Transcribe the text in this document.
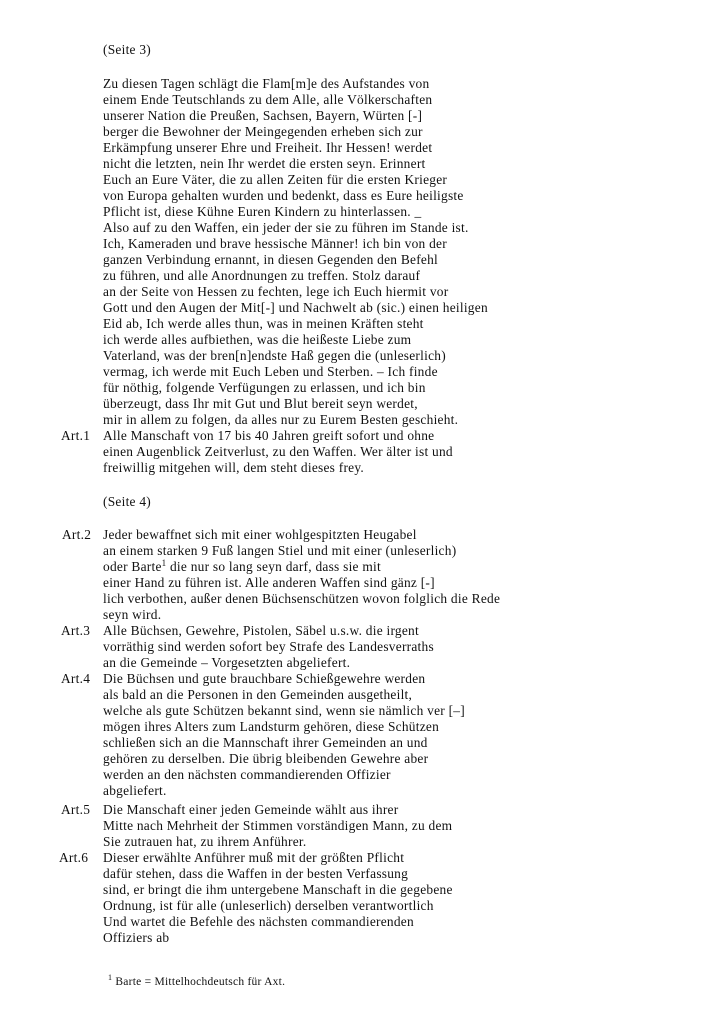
(Seite 3)
Zu diesen Tagen schlägt die Flam[m]e des Aufstandes von
einem Ende Teutschlands zu dem Alle, alle Völkerschaften
unserer Nation die Preußen, Sachsen, Bayern, Würten [-]
berger die Bewohner der Meingegenden erheben sich zur
Erkämpfung unserer Ehre und Freiheit. Ihr Hessen! werdet
nicht die letzten, nein Ihr werdet die ersten seyn. Erinnert
Euch an Eure Väter, die zu allen Zeiten für die ersten Krieger
von Europa gehalten wurden und bedenkt, dass es Eure heiligste
Pflicht ist, diese Kühne Euren Kindern zu hinterlassen. _
Also auf zu den Waffen, ein jeder der sie zu führen im Stande ist.
Ich, Kameraden und brave hessische Männer! ich bin von der
ganzen Verbindung ernannt, in diesen Gegenden den Befehl
zu führen, und alle Anordnungen zu treffen. Stolz darauf
an der Seite von Hessen zu fechten, lege ich Euch hiermit vor
Gott und den Augen der Mit[-] und Nachwelt ab (sic.) einen heiligen
Eid ab, Ich werde alles thun, was in meinen Kräften steht
ich werde alles aufbiethen, was die heißeste Liebe zum
Vaterland, was der bren[n]endste Haß gegen die (unleserlich)
vermag, ich werde mit Euch Leben und Sterben. – Ich finde
für nöthig, folgende Verfügungen zu erlassen, und ich bin
überzeugt, dass Ihr mit Gut und Blut bereit seyn werdet,
mir in allem zu folgen, da alles nur zu Eurem Besten geschieht.
Art.1 Alle Manschaft von 17 bis 40 Jahren greift sofort und ohne
einen Augenblick Zeitverlust, zu den Waffen. Wer älter ist und
freiwillig mitgehen will, dem steht dieses frey.
(Seite 4)
Art.2 Jeder bewaffnet sich mit einer wohlgespitzten Heugabel
an einem starken 9 Fuß langen Stiel und mit einer (unleserlich)
oder Barte$^1$ die nur so lang seyn darf, dass sie mit
einer Hand zu führen ist. Alle anderen Waffen sind gänz [-]
lich verbothen, außer denen Büchsenschützen wovon folglich die Rede
seyn wird.
Art.3 Alle Büchsen, Gewehre, Pistolen, Säbel u.s.w. die irgent
vorräthig sind werden sofort bey Strafe des Landesverraths
an die Gemeinde – Vorgesetzten abgeliefert.
Art.4 Die Büchsen und gute brauchbare Schießgewehre werden
als bald an die Personen in den Gemeinden ausgetheilt,
welche als gute Schützen bekannt sind, wenn sie nämlich ver [–]
mögen ihres Alters zum Landsturm gehören, diese Schützen
schließen sich an die Mannschaft ihrer Gemeinden an und
gehören zu derselben. Die übrig bleibenden Gewehre aber
werden an den nächsten commandierenden Offizier
abgeliefert.
Art.5 Die Manschaft einer jeden Gemeinde wählt aus ihrer
Mitte nach Mehrheit der Stimmen vorständigen Mann, zu dem
Sie zutrauen hat, zu ihrem Anführer.
Art.6 Dieser erwählte Anführer muß mit der größten Pflicht
dafür stehen, dass die Waffen in der besten Verfassung
sind, er bringt die ihm untergebene Manschaft in die gegebene
Ordnung, ist für alle (unleserlich) derselben verantwortlich
Und wartet die Befehle des nächsten commandierenden
Offiziers ab
$^1$ Barte = Mittelhochdeutsch für Axt.
